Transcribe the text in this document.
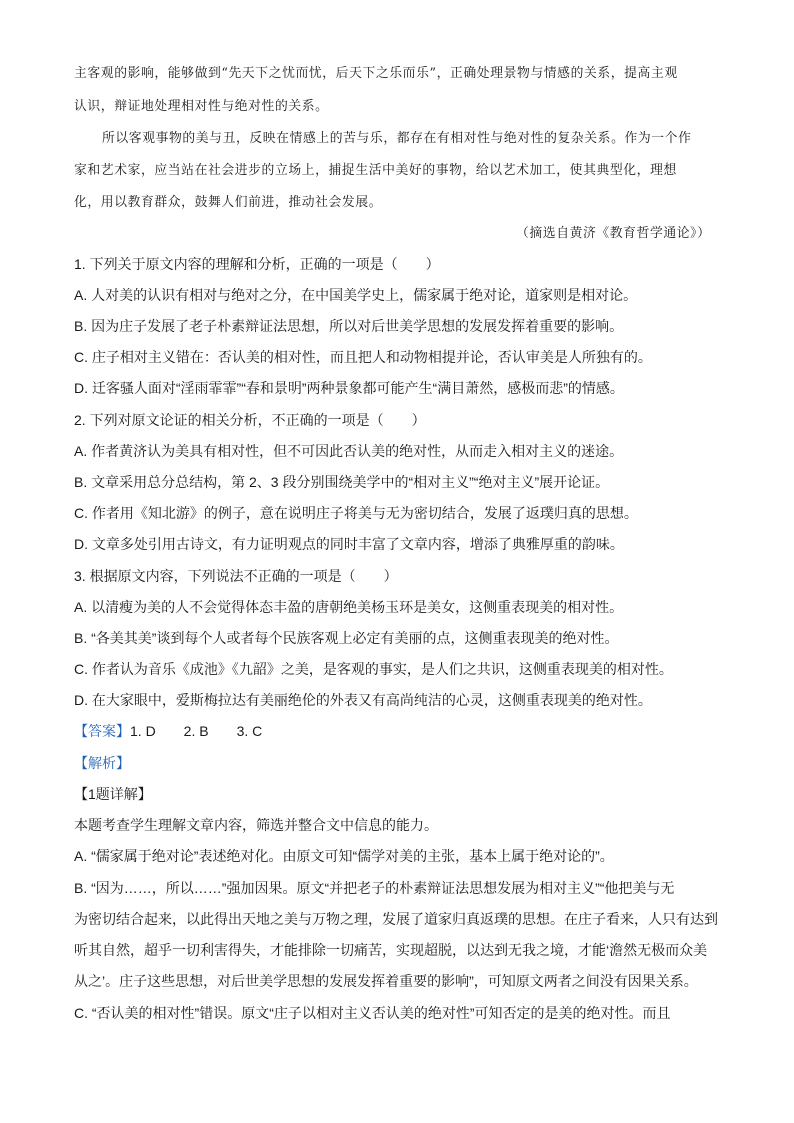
主客观的影响，能够做到“先天下之忧而忧，后天下之乐而乐”，正确处理景物与情感的关系，提高主观
认识，辩证地处理相对性与绝对性的关系。
所以客观事物的美与丑，反映在情感上的苦与乐，都存在有相对性与绝对性的复杂关系。作为一个作
家和艺术家，应当站在社会进步的立场上，捕捉生活中美好的事物，给以艺术加工，使其典型化，理想
化，用以教育群众，鼓舞人们前进，推动社会发展。
（摘选自黄济《教育哲学通论》）
1. 下列关于原文内容的理解和分析，正确的一项是（　　）
A. 人对美的认识有相对与绝对之分，在中国美学史上，儒家属于绝对论，道家则是相对论。
B. 因为庄子发展了老子朴素辩证法思想，所以对后世美学思想的发展发挥着重要的影响。
C. 庄子相对主义错在：否认美的相对性，而且把人和动物相提并论，否认审美是人所独有的。
D. 迁客骚人面对“淫雨霏霏”“春和景明”两种景象都可能产生“满目萧然，感极而悲”的情感。
2. 下列对原文论证的相关分析，不正确的一项是（　　）
A. 作者黄济认为美具有相对性，但不可因此否认美的绝对性，从而走入相对主义的迷途。
B. 文章采用总分总结构，第 2、3 段分别围绕美学中的“相对主义”“绝对主义”展开论证。
C. 作者用《知北游》的例子，意在说明庄子将美与无为密切结合，发展了返璞归真的思想。
D. 文章多处引用古诗文，有力证明观点的同时丰富了文章内容，增添了典雅厚重的韵味。
3. 根据原文内容，下列说法不正确的一项是（　　）
A. 以清瘦为美的人不会觉得体态丰盈的唐朝绝美杨玉环是美女，这侧重表现美的相对性。
B. “各美其美”谈到每个人或者每个民族客观上必定有美丽的点，这侧重表现美的绝对性。
C. 作者认为音乐《成池》《九韶》之美，是客观的事实，是人们之共识，这侧重表现美的相对性。
D. 在大家眼中，爱斯梅拉达有美丽绝伦的外表又有高尚纯洁的心灵，这侧重表现美的绝对性。
【答案】1. D　　2. B　　3. C
【解析】
【1题详解】
本题考查学生理解文章内容，筛选并整合文中信息的能力。
A. “儒家属于绝对论”表述绝对化。由原文可知“儒学对美的主张，基本上属于绝对论的”。
B. “因为……，所以……”强加因果。原文“并把老子的朴素辩证法思想发展为相对主义”“他把美与无
为密切结合起来，以此得出天地之美与万物之理，发展了道家归真返璞的思想。在庄子看来，人只有达到
听其自然，超乎一切利害得失，才能排除一切痛苦，实现超脱，以达到无我之境，才能‘澹然无极而众美
从之’。庄子这些思想，对后世美学思想的发展发挥着重要的影响”，可知原文两者之间没有因果关系。
C. “否认美的相对性”错误。原文“庄子以相对主义否认美的绝对性”可知否定的是美的绝对性。而且
